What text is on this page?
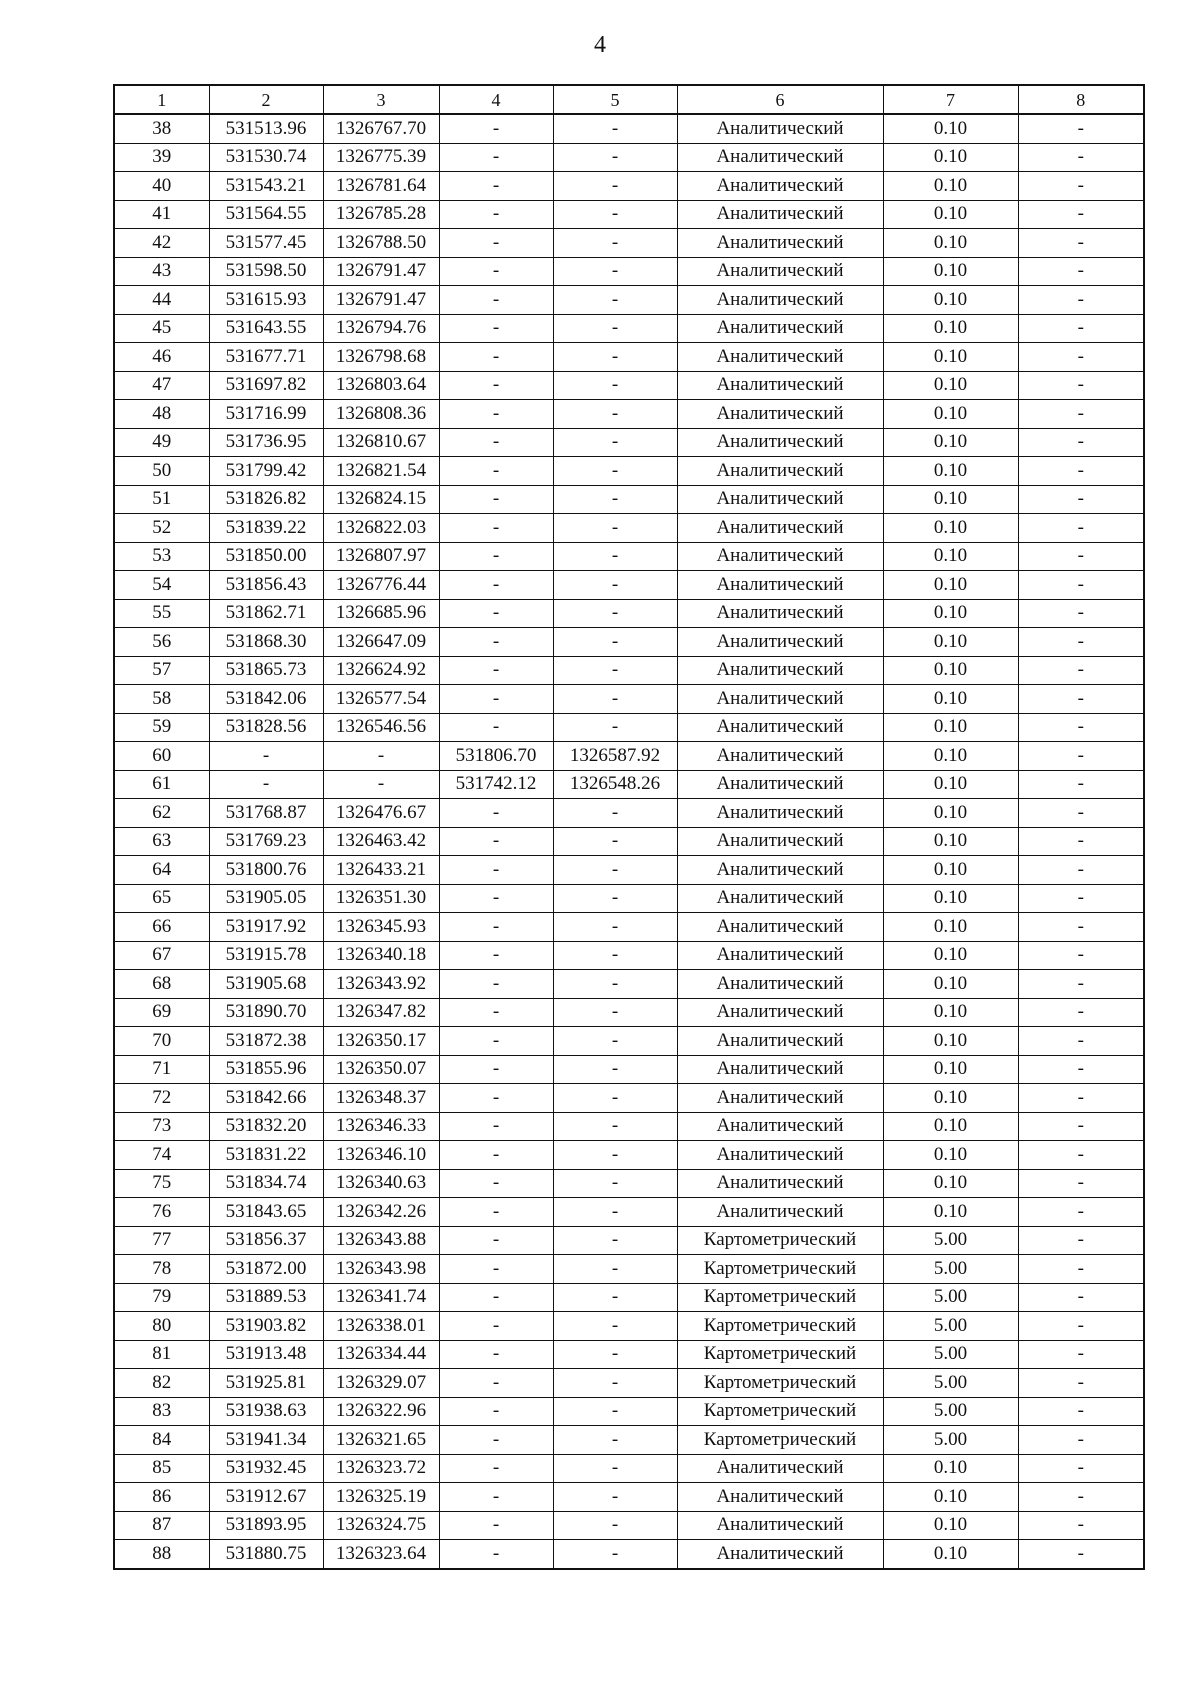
4
1	2	3	4	5	6	7	8
38	531513.96	1326767.70	-	-	Аналитический	0.10	-
39	531530.74	1326775.39	-	-	Аналитический	0.10	-
40	531543.21	1326781.64	-	-	Аналитический	0.10	-
41	531564.55	1326785.28	-	-	Аналитический	0.10	-
42	531577.45	1326788.50	-	-	Аналитический	0.10	-
43	531598.50	1326791.47	-	-	Аналитический	0.10	-
44	531615.93	1326791.47	-	-	Аналитический	0.10	-
45	531643.55	1326794.76	-	-	Аналитический	0.10	-
46	531677.71	1326798.68	-	-	Аналитический	0.10	-
47	531697.82	1326803.64	-	-	Аналитический	0.10	-
48	531716.99	1326808.36	-	-	Аналитический	0.10	-
49	531736.95	1326810.67	-	-	Аналитический	0.10	-
50	531799.42	1326821.54	-	-	Аналитический	0.10	-
51	531826.82	1326824.15	-	-	Аналитический	0.10	-
52	531839.22	1326822.03	-	-	Аналитический	0.10	-
53	531850.00	1326807.97	-	-	Аналитический	0.10	-
54	531856.43	1326776.44	-	-	Аналитический	0.10	-
55	531862.71	1326685.96	-	-	Аналитический	0.10	-
56	531868.30	1326647.09	-	-	Аналитический	0.10	-
57	531865.73	1326624.92	-	-	Аналитический	0.10	-
58	531842.06	1326577.54	-	-	Аналитический	0.10	-
59	531828.56	1326546.56	-	-	Аналитический	0.10	-
60	-	-	531806.70	1326587.92	Аналитический	0.10	-
61	-	-	531742.12	1326548.26	Аналитический	0.10	-
62	531768.87	1326476.67	-	-	Аналитический	0.10	-
63	531769.23	1326463.42	-	-	Аналитический	0.10	-
64	531800.76	1326433.21	-	-	Аналитический	0.10	-
65	531905.05	1326351.30	-	-	Аналитический	0.10	-
66	531917.92	1326345.93	-	-	Аналитический	0.10	-
67	531915.78	1326340.18	-	-	Аналитический	0.10	-
68	531905.68	1326343.92	-	-	Аналитический	0.10	-
69	531890.70	1326347.82	-	-	Аналитический	0.10	-
70	531872.38	1326350.17	-	-	Аналитический	0.10	-
71	531855.96	1326350.07	-	-	Аналитический	0.10	-
72	531842.66	1326348.37	-	-	Аналитический	0.10	-
73	531832.20	1326346.33	-	-	Аналитический	0.10	-
74	531831.22	1326346.10	-	-	Аналитический	0.10	-
75	531834.74	1326340.63	-	-	Аналитический	0.10	-
76	531843.65	1326342.26	-	-	Аналитический	0.10	-
77	531856.37	1326343.88	-	-	Картометрический	5.00	-
78	531872.00	1326343.98	-	-	Картометрический	5.00	-
79	531889.53	1326341.74	-	-	Картометрический	5.00	-
80	531903.82	1326338.01	-	-	Картометрический	5.00	-
81	531913.48	1326334.44	-	-	Картометрический	5.00	-
82	531925.81	1326329.07	-	-	Картометрический	5.00	-
83	531938.63	1326322.96	-	-	Картометрический	5.00	-
84	531941.34	1326321.65	-	-	Картометрический	5.00	-
85	531932.45	1326323.72	-	-	Аналитический	0.10	-
86	531912.67	1326325.19	-	-	Аналитический	0.10	-
87	531893.95	1326324.75	-	-	Аналитический	0.10	-
88	531880.75	1326323.64	-	-	Аналитический	0.10	-
